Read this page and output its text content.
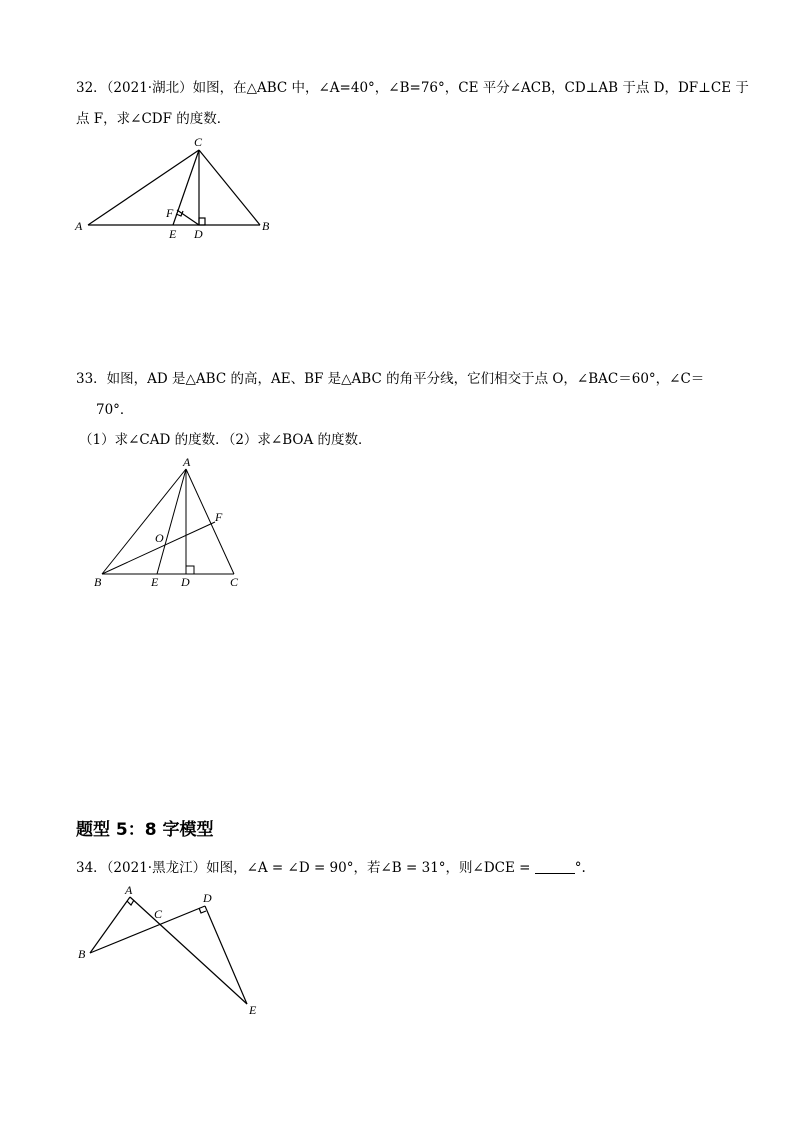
32．（2021·湖北）如图，在△ABC 中，∠A=40°，∠B=76°，CE 平分∠ACB，CD⊥AB 于点 D，DF⊥CE 于
点 F，求∠CDF 的度数．
C
A	B
F
E D
33．如图，AD 是△ABC 的高，AE、BF 是△ABC 的角平分线，它们相交于点 O，∠BAC＝60°，∠C＝
70°．
（1）求∠CAD 的度数．（2）求∠BOA 的度数．
A
F
O
B	E D	C
题型 5：8 字模型
34．（2021·黑龙江）如图，∠A = ∠D = 90°，若∠B = 31°，则∠DCE =	°.
A
D
C
B
E
